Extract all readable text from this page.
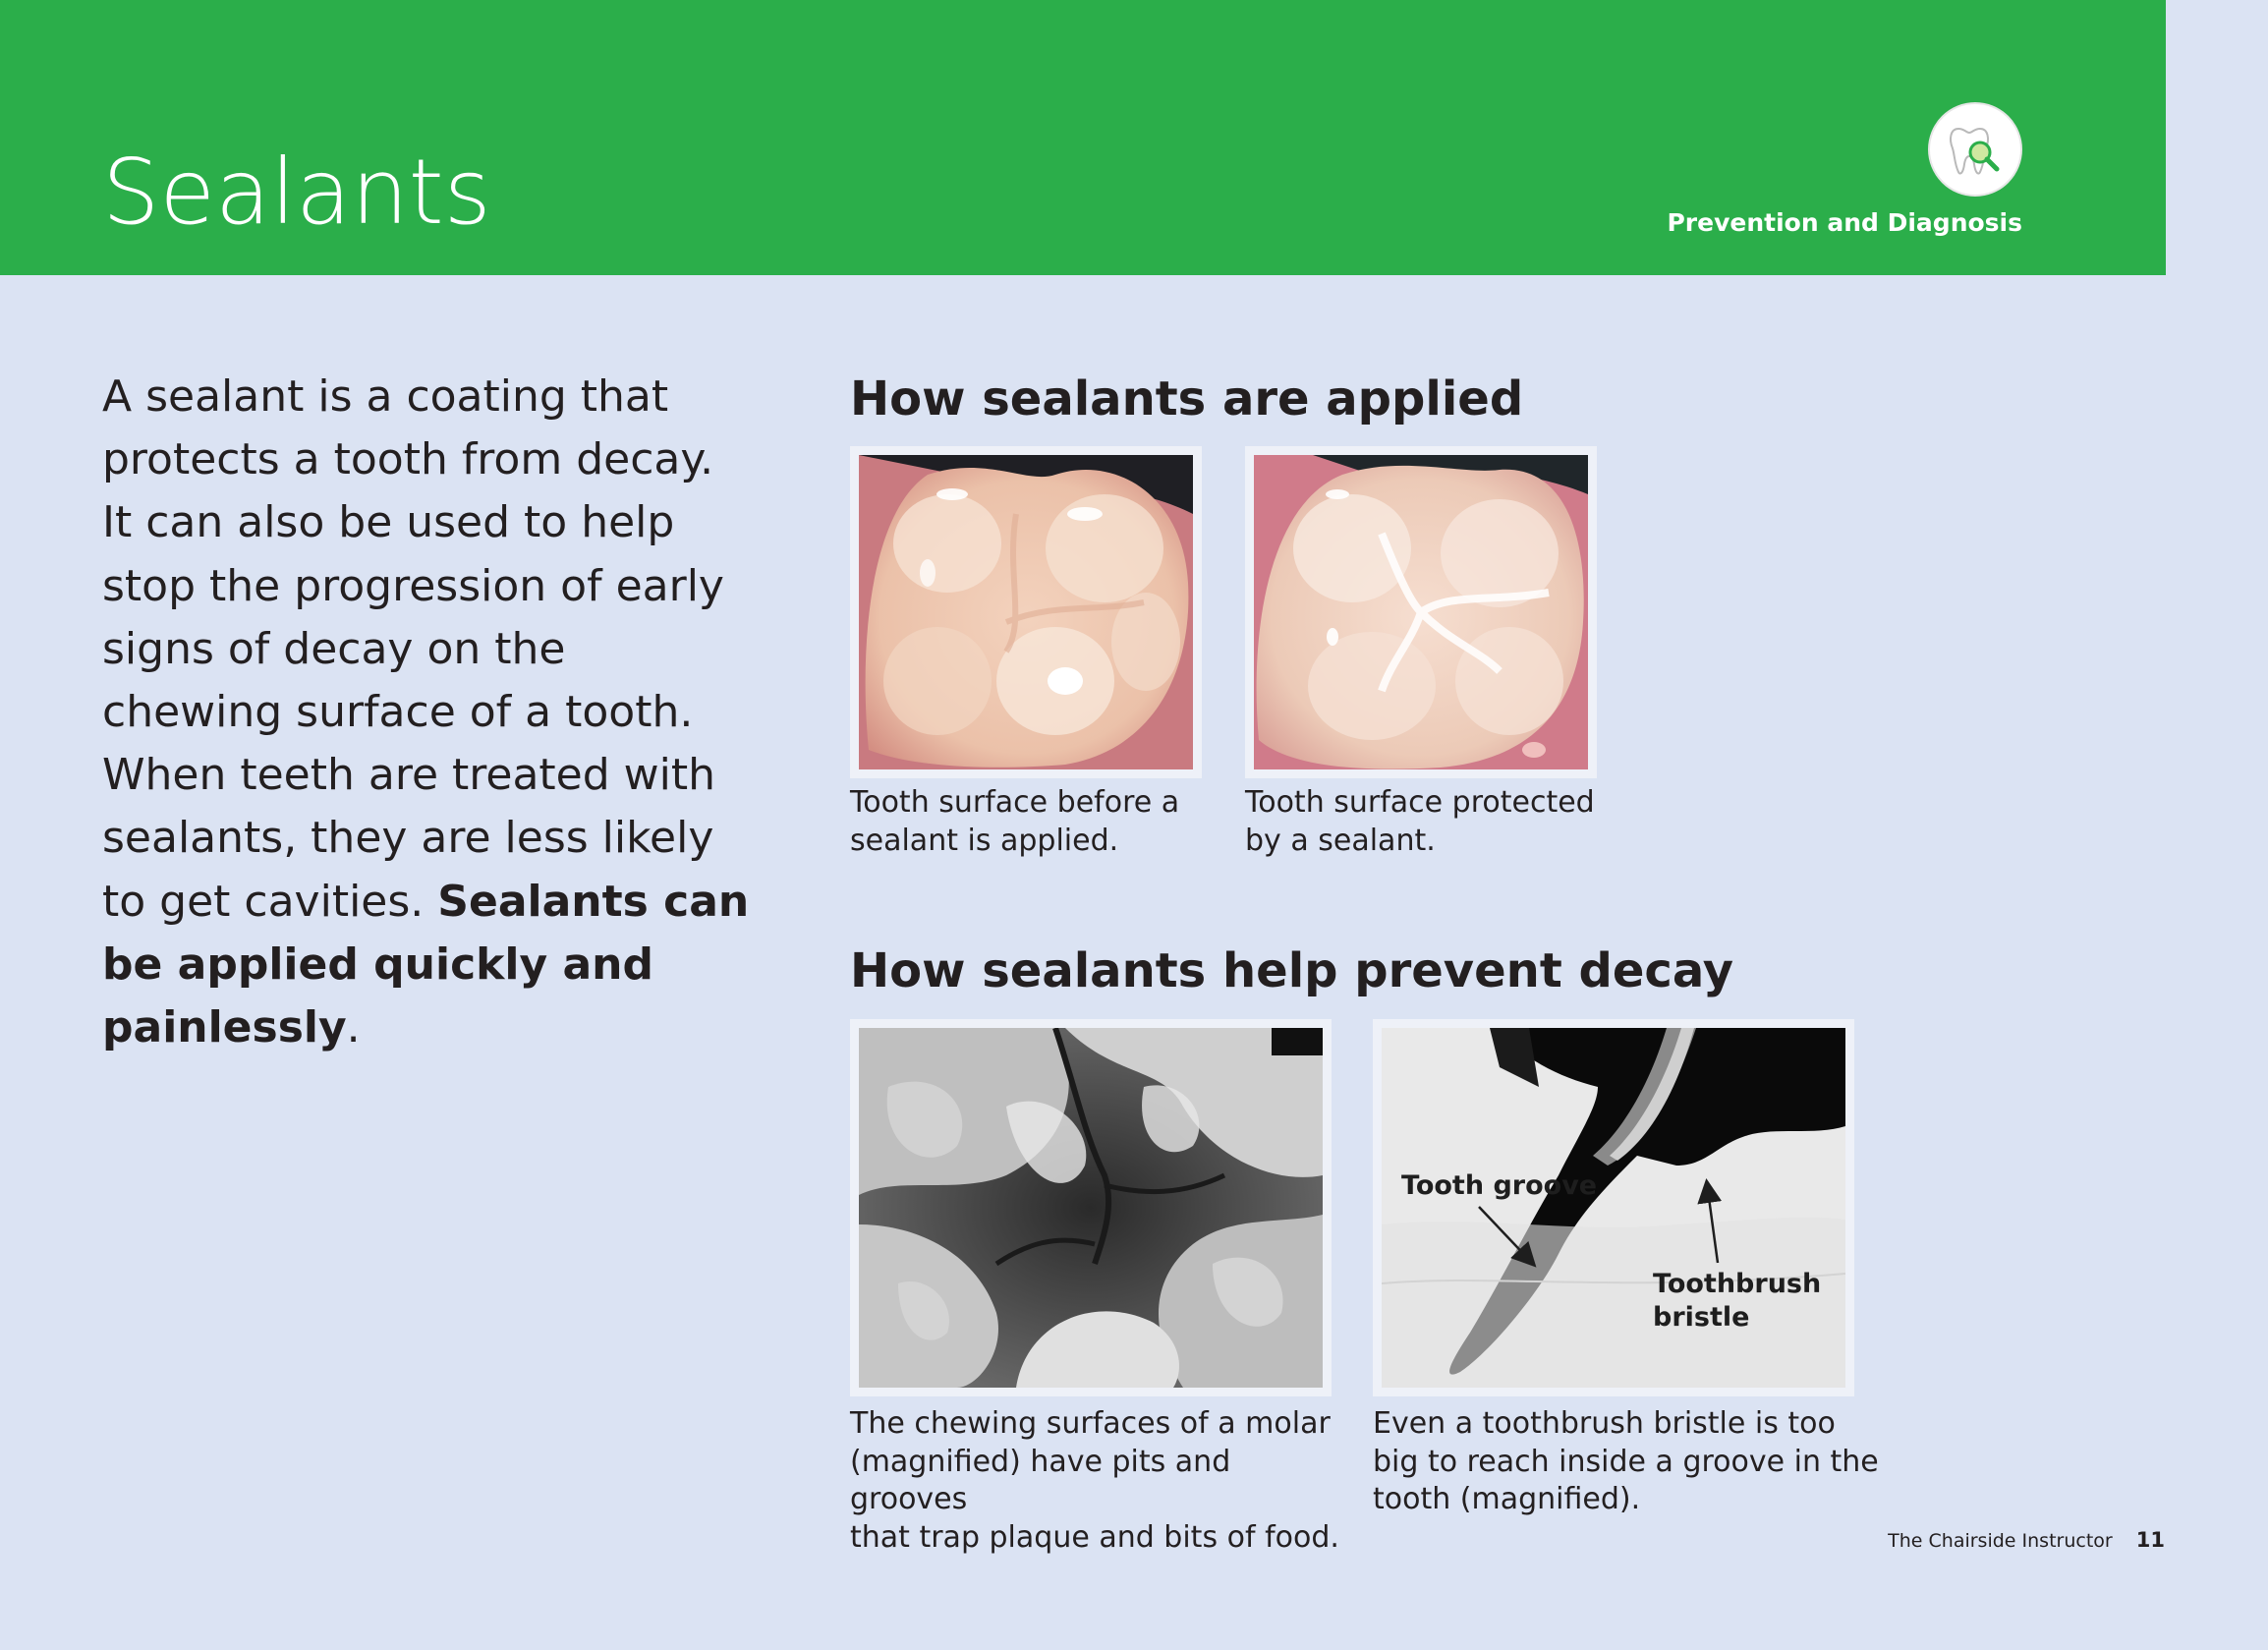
Sealants	Prevention and Diagnosis
A sealant is a coating that protects a tooth from decay. It can also be used to help stop the progression of early signs of decay on the chewing surface of a tooth. When teeth are treated with sealants, they are less likely to get cavities. Sealants can be applied quickly and painlessly.
How sealants are applied

Tooth surface before a
sealant is applied.

Tooth surface protected
by a sealant.

How sealants help prevent decay
Tooth groove
Toothbrush
bristle

The chewing surfaces of a molar
(magnified) have pits and grooves
that trap plaque and bits of food.

Even a toothbrush bristle is too
big to reach inside a groove in the
tooth (magnified).

The Chairside Instructor 11
